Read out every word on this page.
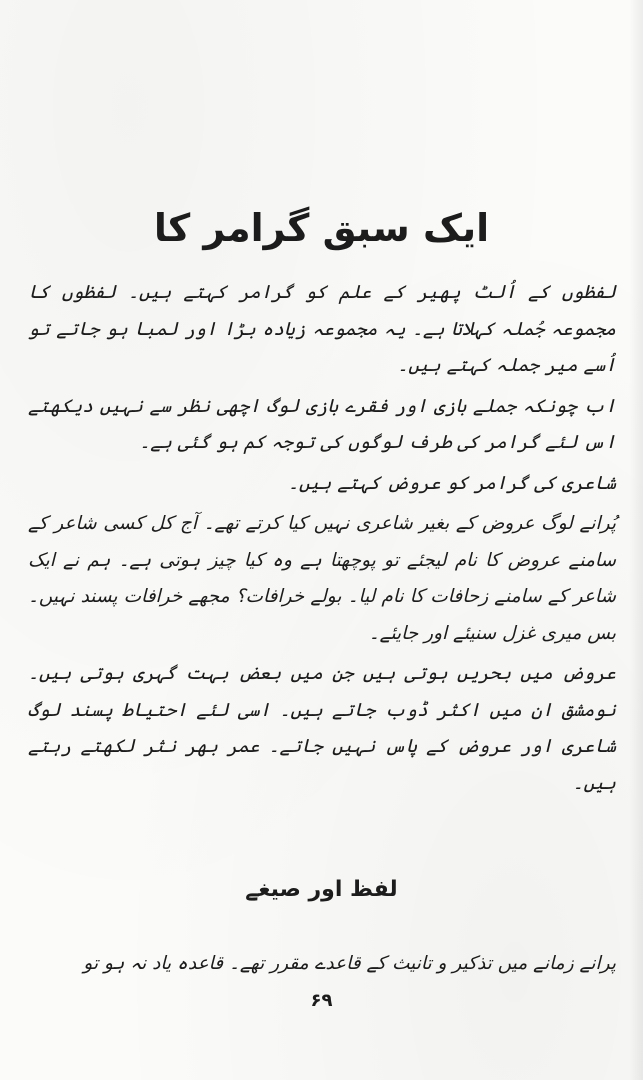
ایک سبق گرامر کا

لفظوں کے اُلٹ پھیر کے علم کو گرامر کہتے ہیں۔ لفظوں کا مجموعہ جُملہ کہلاتا ہے۔ یہ مجموعہ زیادہ بڑا اور لمبا ہو جاتے تو اُسے میر جملہ کہتے ہیں۔

اب چونکہ جملے بازی اور فقرے بازی لوگ اچھی نظر سے نہیں دیکھتے اس لئے گرامر کی طرف لوگوں کی توجہ کم ہو گئی ہے۔

شاعری کی گرامر کو عروض کہتے ہیں۔

پُرانے لوگ عروض کے بغیر شاعری نہیں کیا کرتے تھے۔ آج کل کسی شاعر کے سامنے عروض کا نام لیجئے تو پوچھتا ہے وہ کیا چیز ہوتی ہے۔ ہم نے ایک شاعر کے سامنے زحافات کا نام لیا۔ بولے خرافات؟ مجھے خرافات پسند نہیں۔ بس میری غزل سنیئے اور جایئے۔

عروض میں بحریں ہوتی ہیں جن میں بعض بہت گہری ہوتی ہیں۔ نومشق ان میں اکثر ڈوب جاتے ہیں۔ اسی لئے احتیاط پسند لوگ شاعری اور عروض کے پاس نہیں جاتے۔ عمر بھر نثر لکھتے رہتے ہیں۔

لفظ اور صیغے
پرانے زمانے میں تذکیر و تانیث کے قاعدے مقرر تھے۔ قاعدہ یاد نہ ہو تو
۶۹
